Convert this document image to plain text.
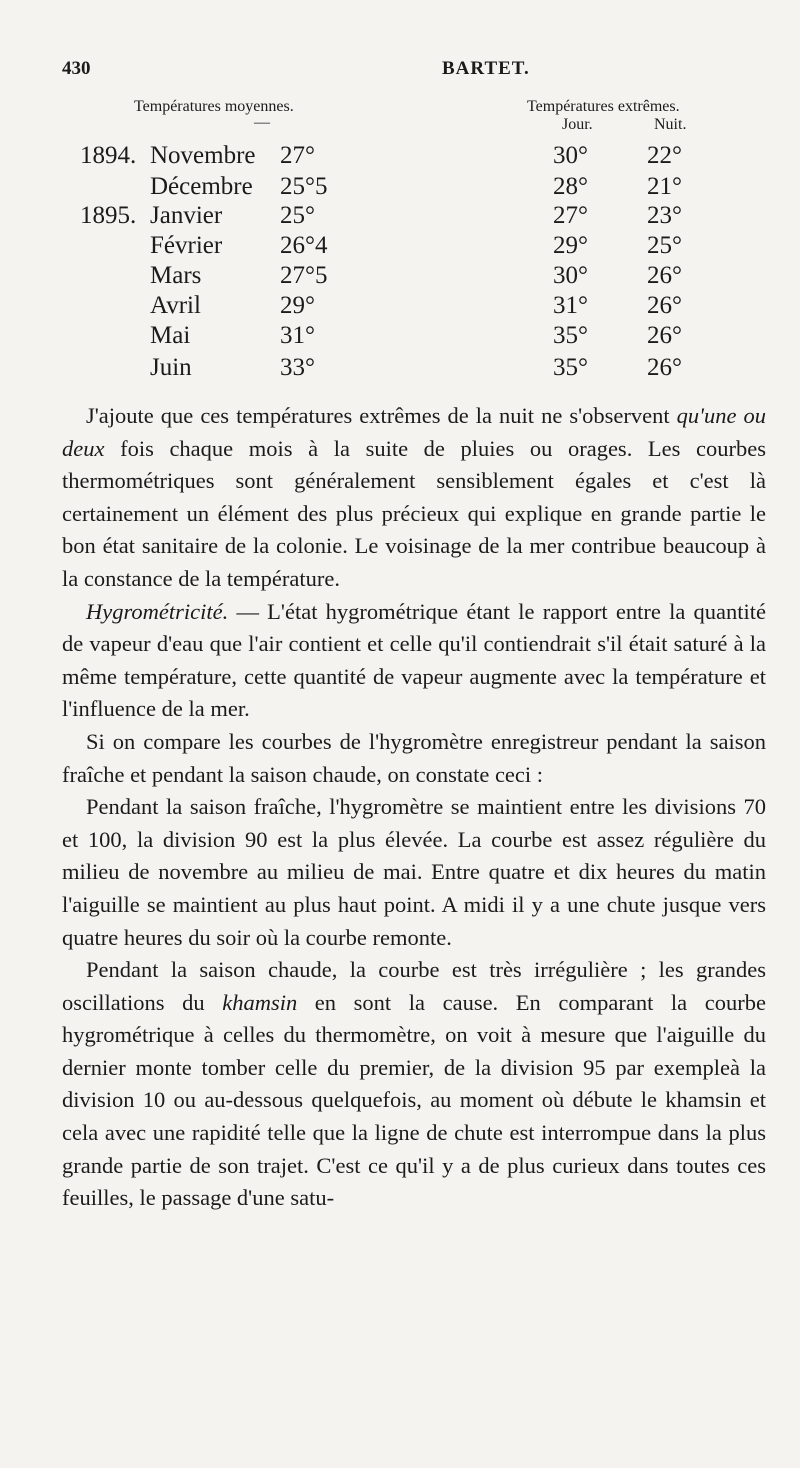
430	BARTET.
Températures moyennes.
—
Températures extrêmes.
Jour.	Nuit.
1894. Novembre 27°	30° 22°
Décembre 25°5	28° 21°
1895. Janvier 25°	27° 23°
Février 26°4	29° 25°
Mars	27°5	30° 26°
Avril	29°	31° 26°
Mai	31°	35° 26°
Juin	33°	35° 26°

J'ajoute que ces températures extrêmes de la nuit ne s'observent qu'une ou deux fois chaque mois à la suite de pluies ou orages. Les courbes thermométriques sont généralement sensiblement égales et c'est là certainement un élément des plus précieux qui explique en grande partie le bon état sanitaire de la colonie. Le voisinage de la mer contribue beaucoup à la constance de la température.

Hygrométricité. — L'état hygrométrique étant le rapport entre la quantité de vapeur d'eau que l'air contient et celle qu'il contiendrait s'il était saturé à la même température, cette quantité de vapeur augmente avec la température et l'influence de la mer.

Si on compare les courbes de l'hygromètre enregistreur pendant la saison fraîche et pendant la saison chaude, on constate ceci :

Pendant la saison fraîche, l'hygromètre se maintient entre les divisions 70 et 100, la division 90 est la plus élevée. La courbe est assez régulière du milieu de novembre au milieu de mai. Entre quatre et dix heures du matin l'aiguille se maintient au plus haut point. A midi il y a une chute jusque vers quatre heures du soir où la courbe remonte.

Pendant la saison chaude, la courbe est très irrégulière ; les grandes oscillations du khamsin en sont la cause. En comparant la courbe hygrométrique à celles du thermomètre, on voit à mesure que l'aiguille du dernier monte tomber celle du premier, de la division 95 par exempleà la division 10 ou au-dessous quelquefois, au moment où débute le khamsin et cela avec une rapidité telle que la ligne de chute est interrompue dans la plus grande partie de son trajet. C'est ce qu'il y a de plus curieux dans toutes ces feuilles, le passage d'une satu-
